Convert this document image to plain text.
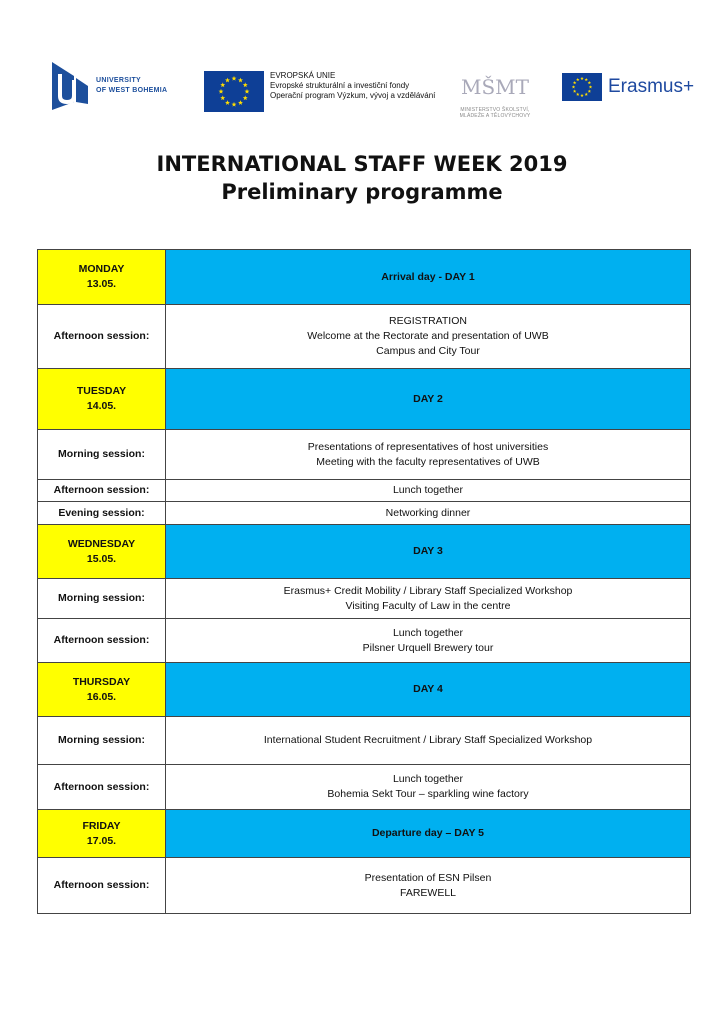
UNIVERSITY
OF WEST BOHEMIA
EVROPSKÁ UNIE
Evropské strukturální a investiční fondy
Operační program Výzkum, vývoj a vzdělávání MŠMT
MINISTERSTVO ŠKOLSTVÍ,
MLÁDEŽE A TĚLOVÝCHOVY
Erasmus+
INTERNATIONAL STAFF WEEK 2019
Preliminary programme
MONDAY
13.05.	Arrival day - DAY 1
Afternoon session:	REGISTRATION
Welcome at the Rectorate and presentation of UWB
Campus and City Tour

TUESDAY
14.05.	DAY 2
Morning session:	Presentations of representatives of host universities
Meeting with the faculty representatives of UWB

Afternoon session:	Lunch together

Evening session:	Networking dinner

WEDNESDAY
15.05.	DAY 3
Morning session:	Erasmus+ Credit Mobility / Library Staff Specialized Workshop
Visiting Faculty of Law in the centre

Afternoon session:	Lunch together
Pilsner Urquell Brewery tour

THURSDAY
16.05.	DAY 4
Morning session:	International Student Recruitment / Library Staff Specialized Workshop

Afternoon session:	Lunch together
Bohemia Sekt Tour – sparkling wine factory

FRIDAY
17.05.	Departure day – DAY 5
Afternoon session:	Presentation of ESN Pilsen
FAREWELL
